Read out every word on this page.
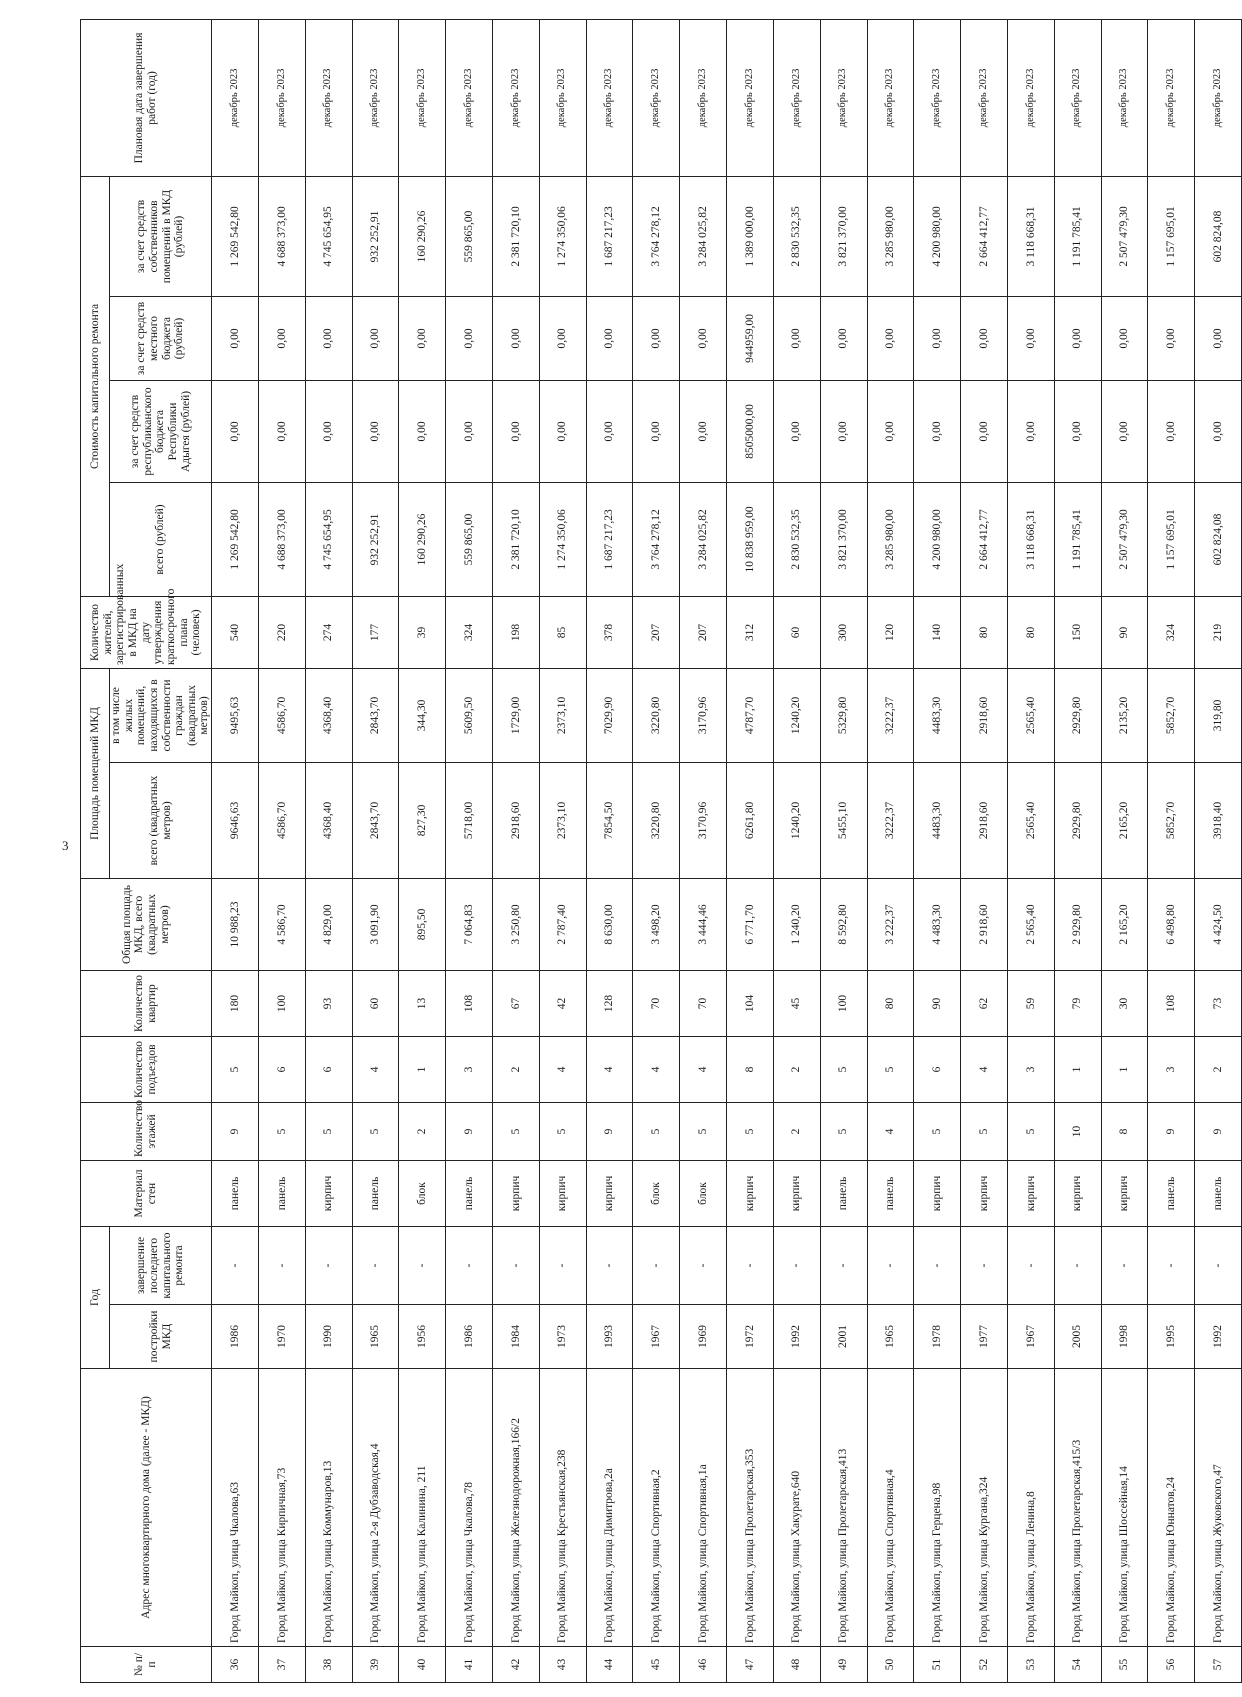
3
№ п/п	Адрес многоквартирного дома (далее - МКД)	Год		Материал стен	Количество этажей	Количество подъездов	Количество квартир	Общая площадь МКД, всего (квадратных метров)	Площадь помещений МКД		Количество жителей, зарегистрированных в МКД на дату утверждения краткосрочного плана (человек)	Стоимость капитального ремонта				Плановая дата завершения работ (год)
		постройки МКД	завершение последнего капитального ремонта						всего (квадратных метров)	в том числе жилых помещений, находящихся в собственности граждан (квадратных метров)		всего (рублей)	за счет средств республиканского бюджета Республики Адыгея (рублей)	за счет средств местного бюджета (рублей)	за счет средств собственников помещений в МКД (рублей)	

36	Город Майкоп, улица Чкалова,63	1986	-	панель	9	5	180	10 988,23	9646,63	9495,63	540	1 269 542,80	0,00	0,00	1 269 542,80	декабрь 2023
37	Город Майкоп, улица Кирпичная,73	1970	-	панель	5	6	100	4 586,70	4586,70	4586,70	220	4 688 373,00	0,00	0,00	4 688 373,00	декабрь 2023
38	Город Майкоп, улица Коммунаров,13	1990	-	кирпич	5	6	93	4 829,00	4368,40	4368,40	274	4 745 654,95	0,00	0,00	4 745 654,95	декабрь 2023
39	Город Майкоп, улица 2-я Дубзаводская,4	1965	-	панель	5	4	60	3 091,90	2843,70	2843,70	177	932 252,91	0,00	0,00	932 252,91	декабрь 2023
40	Город Майкоп, улица Калинина, 211	1956	-	блок	2	1	13	895,50	827,30	344,30	39	160 290,26	0,00	0,00	160 290,26	декабрь 2023
41	Город Майкоп, улица Чкалова,78	1986	-	панель	9	3	108	7 064,83	5718,00	5609,50	324	559 865,00	0,00	0,00	559 865,00	декабрь 2023
42	Город Майкоп, улица Железнодорожная,166/2	1984	-	кирпич	5	2	67	3 250,80	2918,60	1729,00	198	2 381 720,10	0,00	0,00	2 381 720,10	декабрь 2023
43	Город Майкоп, улица Крестьянская,238	1973	-	кирпич	5	4	42	2 787,40	2373,10	2373,10	85	1 274 350,06	0,00	0,00	1 274 350,06	декабрь 2023
44	Город Майкоп, улица Димитрова,2а	1993	-	кирпич	9	4	128	8 630,00	7854,50	7029,90	378	1 687 217,23	0,00	0,00	1 687 217,23	декабрь 2023
45	Город Майкоп, улица Спортивная,2	1967	-	блок	5	4	70	3 498,20	3220,80	3220,80	207	3 764 278,12	0,00	0,00	3 764 278,12	декабрь 2023
46	Город Майкоп, улица Спортивная,1а	1969	-	блок	5	4	70	3 444,46	3170,96	3170,96	207	3 284 025,82	0,00	0,00	3 284 025,82	декабрь 2023
47	Город Майкоп, улица Пролетарская,353	1972	-	кирпич	5	8	104	6 771,70	6261,80	4787,70	312	10 838 959,00	8505000,00	944959,00	1 389 000,00	декабрь 2023
48	Город Майкоп, улица Хакурате,640	1992	-	кирпич	2	2	45	1 240,20	1240,20	1240,20	60	2 830 532,35	0,00	0,00	2 830 532,35	декабрь 2023
49	Город Майкоп, улица Пролетарская,413	2001	-	панель	5	5	100	8 592,80	5455,10	5329,80	300	3 821 370,00	0,00	0,00	3 821 370,00	декабрь 2023
50	Город Майкоп, улица Спортивная,4	1965	-	панель	4	5	80	3 222,37	3222,37	3222,37	120	3 285 980,00	0,00	0,00	3 285 980,00	декабрь 2023
51	Город Майкоп, улица Герцена,98	1978	-	кирпич	5	6	90	4 483,30	4483,30	4483,30	140	4 200 980,00	0,00	0,00	4 200 980,00	декабрь 2023
52	Город Майкоп, улица Кургана,324	1977	-	кирпич	5	4	62	2 918,60	2918,60	2918,60	80	2 664 412,77	0,00	0,00	2 664 412,77	декабрь 2023
53	Город Майкоп, улица Ленина,8	1967	-	кирпич	5	3	59	2 565,40	2565,40	2565,40	80	3 118 668,31	0,00	0,00	3 118 668,31	декабрь 2023
54	Город Майкоп, улица Пролетарская,415/3	2005	-	кирпич	10	1	79	2 929,80	2929,80	2929,80	150	1 191 785,41	0,00	0,00	1 191 785,41	декабрь 2023
55	Город Майкоп, улица Шоссейная,14	1998	-	кирпич	8	1	30	2 165,20	2165,20	2135,20	90	2 507 479,30	0,00	0,00	2 507 479,30	декабрь 2023
56	Город Майкоп, улица Юннатов,24	1995	-	панель	9	3	108	6 498,80	5852,70	5852,70	324	1 157 695,01	0,00	0,00	1 157 695,01	декабрь 2023
57	Город Майкоп, улица Жуковского,47	1992	-	панель	9	2	73	4 424,50	3918,40	319,80	219	602 824,08	0,00	0,00	602 824,08	декабрь 2023
